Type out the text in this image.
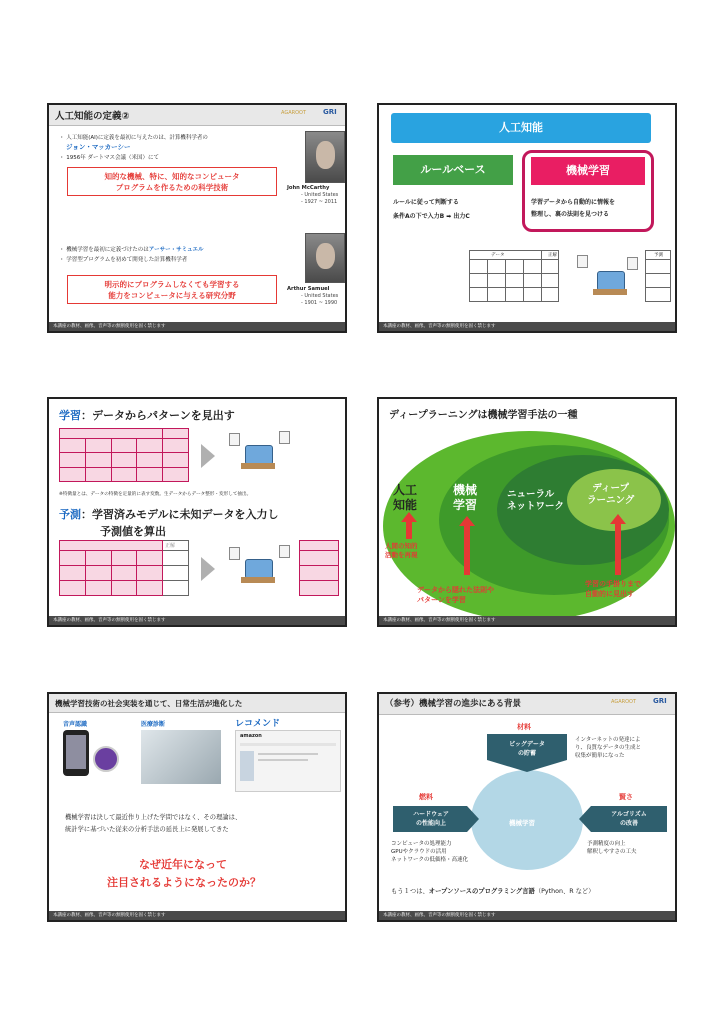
人工知能の定義②	AGAROOT GRI
・ 人工知能(AI)に定義を最初に与えたのは、計算機科学者の
ジョン・マッカーシー
・ 1956年 ダートマス会議（米国）にて
知的な機械、特に、知的なコンピュータ
プログラムを作るための科学技術	John McCarthy
- United States
- 1927 ~ 2011
・ 機械学習を最初に定義づけたのはアーサー・サミュエル
・ 学習型プログラムを初めて開発した計算機科学者
明示的にプログラムしなくても学習する
能力をコンピュータに与える研究分野
Arthur Samuel
- United States
- 1901 ~ 1990
本講座の教材、画像、音声等の無断使用を固く禁じます
人工知能
ルールベース	機械学習
ルールに従って判断する
条件Aの下で入力B ➡ 出力C
学習データから自動的に情報を
整理し、裏の法則を見つける
データ	正解

					予測

本講座の教材、画像、音声等の無断使用を固く禁じます
学習：データからパターンを見出す

※特徴量とは、データの特徴を定量的に表す変数。生データからデータ整形・変形して抽出。
予測：学習済みモデルに未知データを入力し
予測値を算出
正解

本講座の教材、画像、音声等の無断使用を固く禁じます
ディープラーニングは機械学習手法の一種
人工
知能
機械
学習
ニューラル
ネットワーク
ディープ
ラーニング
人間の知的
活動を再現
データから隠れた法則や
パターンを学習
学習の手掛りまで
自動的に見出す
本講座の教材、画像、音声等の無断使用を固く禁じます
機械学習技術の社会実装を通じて、日常生活が進化した
音声認識	医療診断	レコメンド
amazon
機械学習は決して最近作り上げた学問ではなく、その理論は、
統計学に基づいた従来の分析手法の延長上に発展してきた
なぜ近年になって
注目されるようになったのか？
本講座の教材、画像、音声等の無断使用を固く禁じます
（参考）機械学習の進歩にある背景	AGAROOT GRI
機械学習
材料
ビッグデータ
の貯蓄
インターネットの発達によ
り、良質なデータの生成と
収集が簡単になった
燃料
ハードウェア
の性能向上
賢さ
アルゴリズム
の改善
コンピュータの処理能力
GPUやクラウドの活用
ネットワークの低価格・高速化
予測精度の向上
解釈しやすさの工夫
もう１つは、オープンソースのプログラミング言語（Python、R など）
本講座の教材、画像、音声等の無断使用を固く禁じます
